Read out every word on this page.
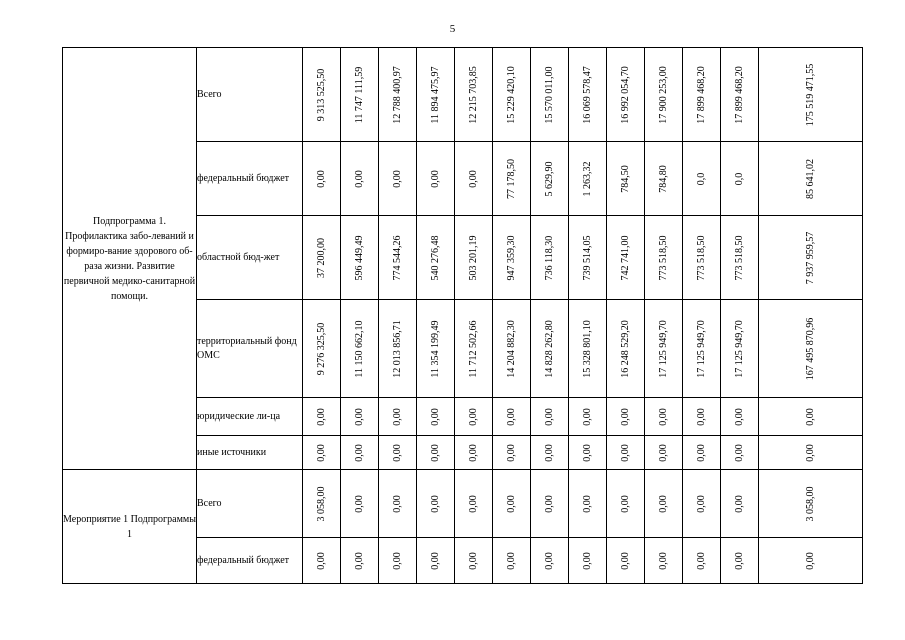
5
Подпрограмма 1. Профилактика забо-леваний и формиро-вание здорового об-раза жизни. Развитие первичной медико-санитарной помощи.	Всего	9 313 525,50	11 747 111,59	12 788 400,97	11 894 475,97	12 215 703,85	15 229 420,10	15 570 011,00	16 069 578,47	16 992 054,70	17 900 253,00	17 899 468,20	17 899 468,20	175 519 471,55

	федеральный бюджет	0,00	0,00	0,00	0,00	0,00	77 178,50	5 629,90	1 263,32	784,50	784,80	0,0	0,0	85 641,02

	областной бюд-жет	37 200,00	596 449,49	774 544,26	540 276,48	503 201,19	947 359,30	736 118,30	739 514,05	742 741,00	773 518,50	773 518,50	773 518,50	7 937 959,57

	территориальный фонд ОМС	9 276 325,50	11 150 662,10	12 013 856,71	11 354 199,49	11 712 502,66	14 204 882,30	14 828 262,80	15 328 801,10	16 248 529,20	17 125 949,70	17 125 949,70	17 125 949,70	167 495 870,96

	юридические ли-ца	0,00	0,00	0,00	0,00	0,00	0,00	0,00	0,00	0,00	0,00	0,00	0,00	0,00

	иные источники	0,00	0,00	0,00	0,00	0,00	0,00	0,00	0,00	0,00	0,00	0,00	0,00	0,00

Мероприятие 1 Подпрограммы 1	Всего	3 058,00	0,00	0,00	0,00	0,00	0,00	0,00	0,00	0,00	0,00	0,00	0,00	3 058,00

	федеральный бюджет	0,00	0,00	0,00	0,00	0,00	0,00	0,00	0,00	0,00	0,00	0,00	0,00	0,00
